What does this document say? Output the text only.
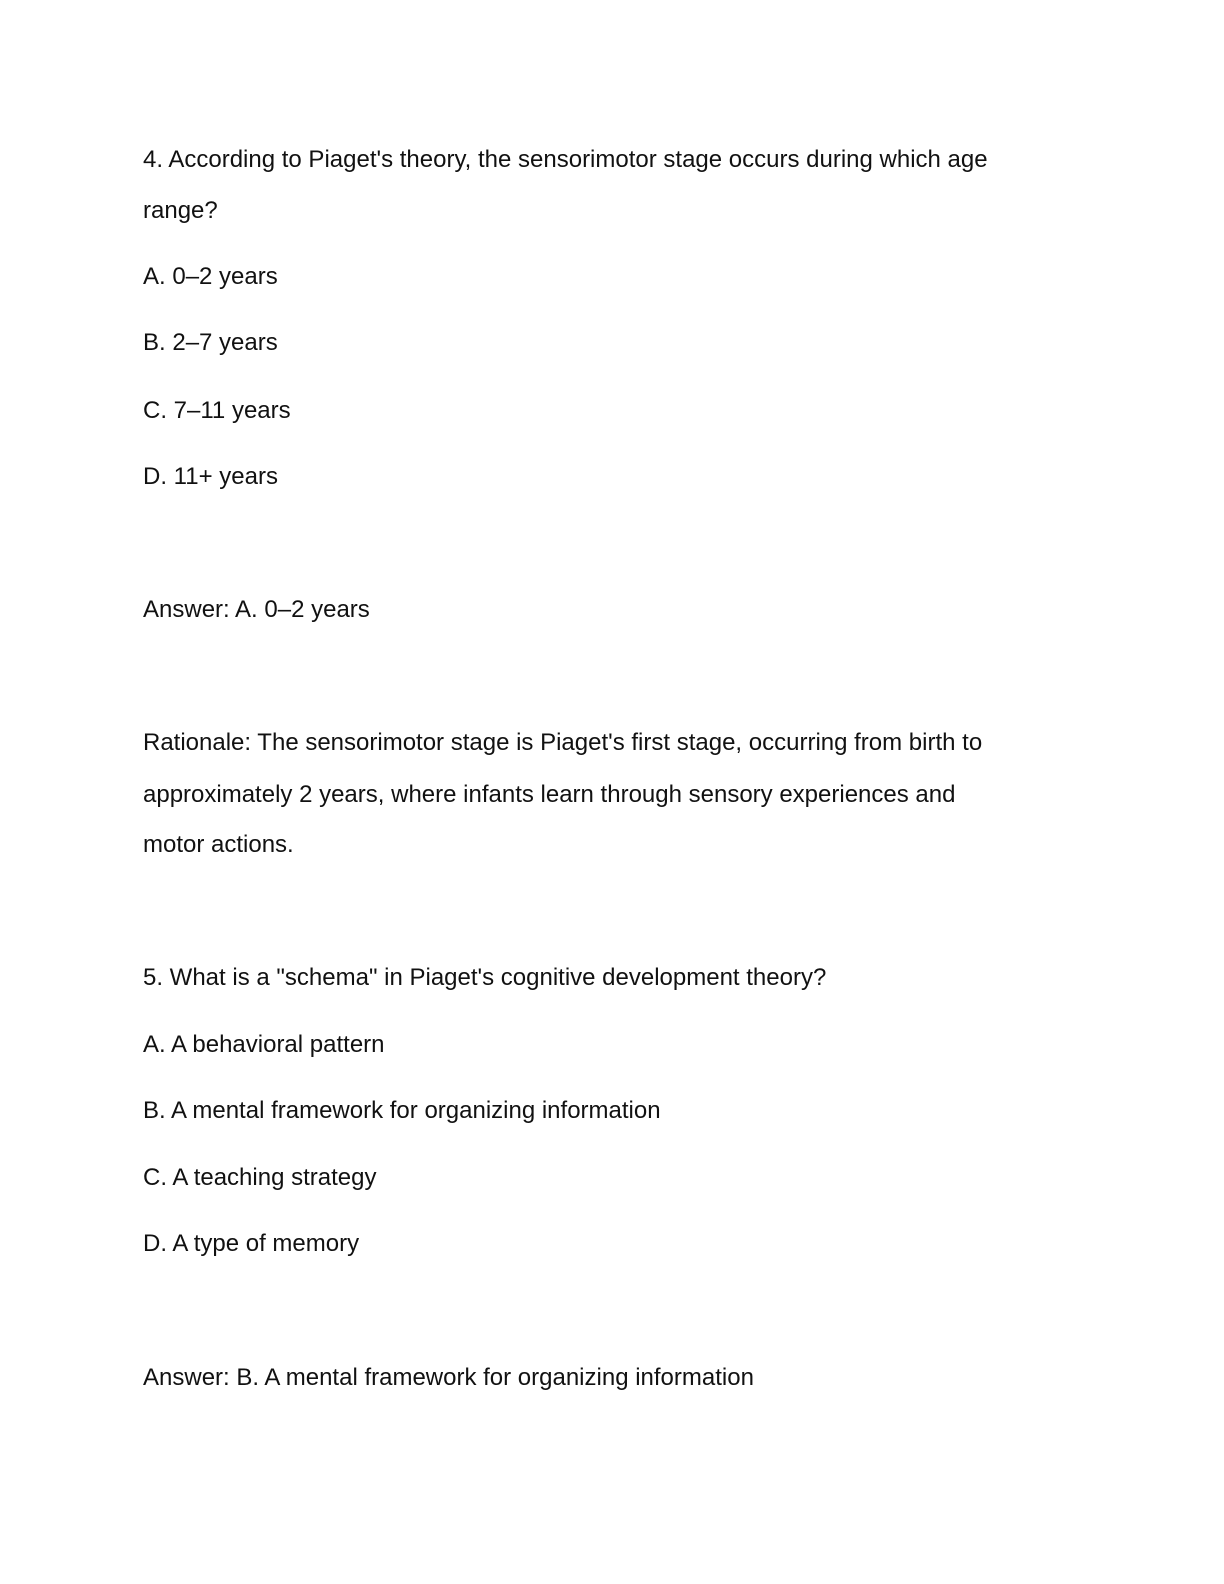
4. According to Piaget's theory, the sensorimotor stage occurs during which age
range?
A. 0–2 years
B. 2–7 years
C. 7–11 years
D. 11+ years
Answer: A. 0–2 years
Rationale: The sensorimotor stage is Piaget's first stage, occurring from birth to
approximately 2 years, where infants learn through sensory experiences and
motor actions.
5. What is a "schema" in Piaget's cognitive development theory?
A. A behavioral pattern
B. A mental framework for organizing information
C. A teaching strategy
D. A type of memory
Answer: B. A mental framework for organizing information
